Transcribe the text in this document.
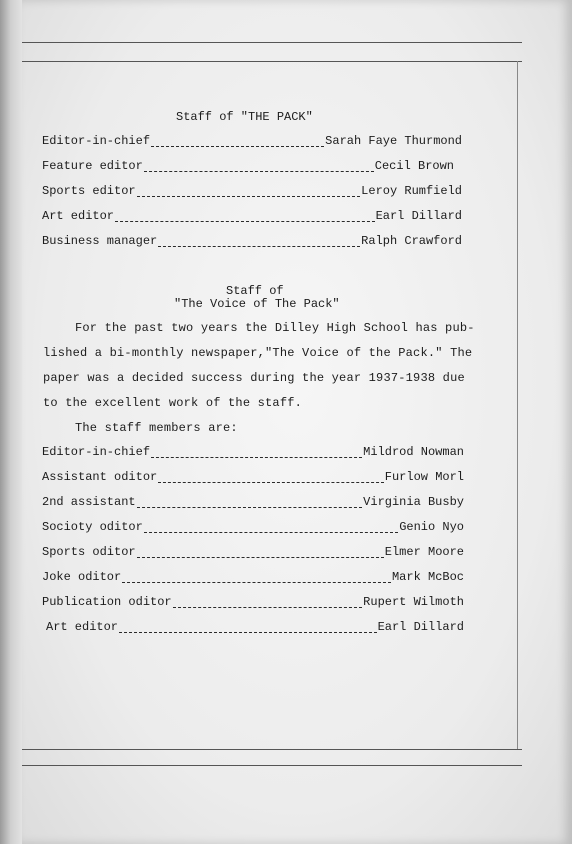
Staff of "THE PACK"
Editor-in-chief	Sarah Faye Thurmond
Feature editor	Cecil Brown
Sports editor	Leroy Rumfield
Art editor	Earl Dillard
Business manager	Ralph Crawford
Staff of
"The Voice of The Pack"
For the past two years the Dilley High School has pub-
lished a bi-monthly newspaper,"The Voice of the Pack." The
paper was a decided success during the year 1937-1938 due
to the excellent work of the staff.
The staff members are:
Editor-in-chief	Mildrod Nowman
Assistant oditor	Furlow Morl
2nd assistant	Virginia Busby
Socioty oditor	Genio Nyo
Sports oditor	Elmer Moore
Joke oditor	Mark McBoc
Publication oditor	Rupert Wilmoth
Art editor	Earl Dillard
